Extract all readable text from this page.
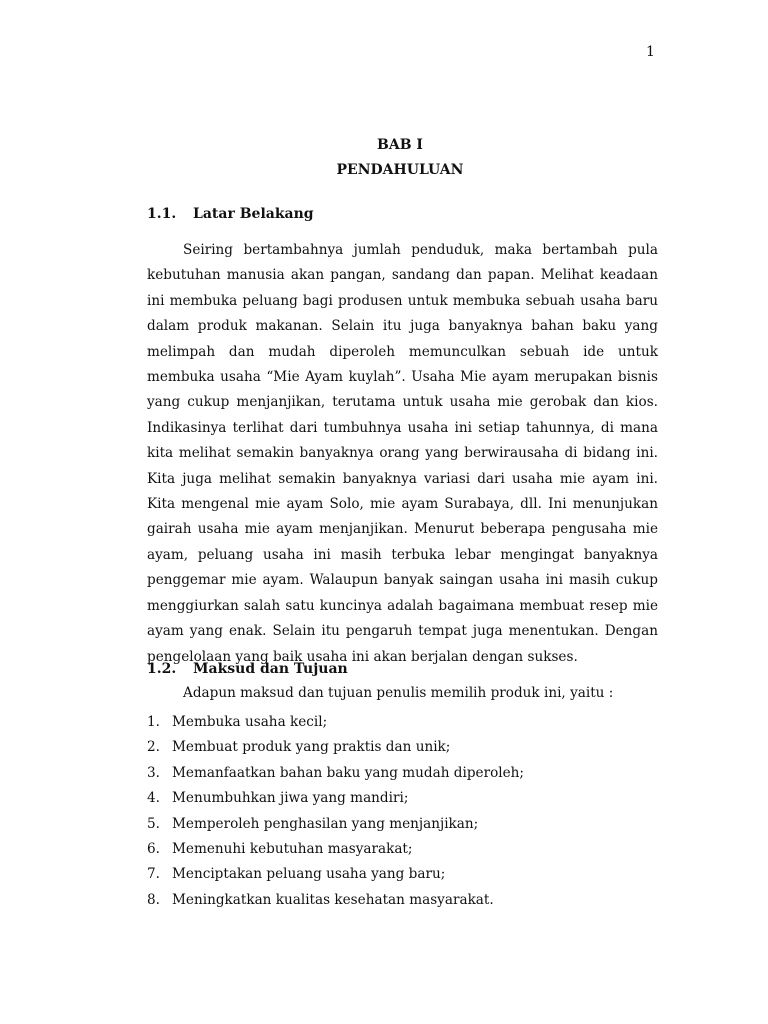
1
BAB I
PENDAHULUAN
1.1. Latar Belakang

Seiring bertambahnya jumlah penduduk, maka bertambah pula kebutuhan manusia akan pangan, sandang dan papan. Melihat keadaan ini membuka peluang bagi produsen untuk membuka sebuah usaha baru dalam produk makanan. Selain itu juga banyaknya bahan baku yang melimpah dan mudah diperoleh memunculkan sebuah ide untuk membuka usaha “Mie Ayam kuylah”. Usaha Mie ayam merupakan bisnis yang cukup menjanjikan, terutama untuk usaha mie gerobak dan kios. Indikasinya terlihat dari tumbuhnya usaha ini setiap tahunnya, di mana kita melihat semakin banyaknya orang yang berwirausaha di bidang ini. Kita juga melihat semakin banyaknya variasi dari usaha mie ayam ini. Kita mengenal mie ayam Solo, mie ayam Surabaya, dll. Ini menunjukan gairah usaha mie ayam menjanjikan. Menurut beberapa pengusaha mie ayam, peluang usaha ini masih terbuka lebar mengingat banyaknya penggemar mie ayam. Walaupun banyak saingan usaha ini masih cukup menggiurkan salah satu kuncinya adalah bagaimana membuat resep mie ayam yang enak. Selain itu pengaruh tempat juga menentukan. Dengan pengelolaan yang baik usaha ini akan berjalan dengan sukses.

1.2. Maksud dan Tujuan
Adapun maksud dan tujuan penulis memilih produk ini, yaitu :
1. Membuka usaha kecil;
2. Membuat produk yang praktis dan unik;
3. Memanfaatkan bahan baku yang mudah diperoleh;
4. Menumbuhkan jiwa yang mandiri;
5. Memperoleh penghasilan yang menjanjikan;
6. Memenuhi kebutuhan masyarakat;
7. Menciptakan peluang usaha yang baru;
8. Meningkatkan kualitas kesehatan masyarakat.
